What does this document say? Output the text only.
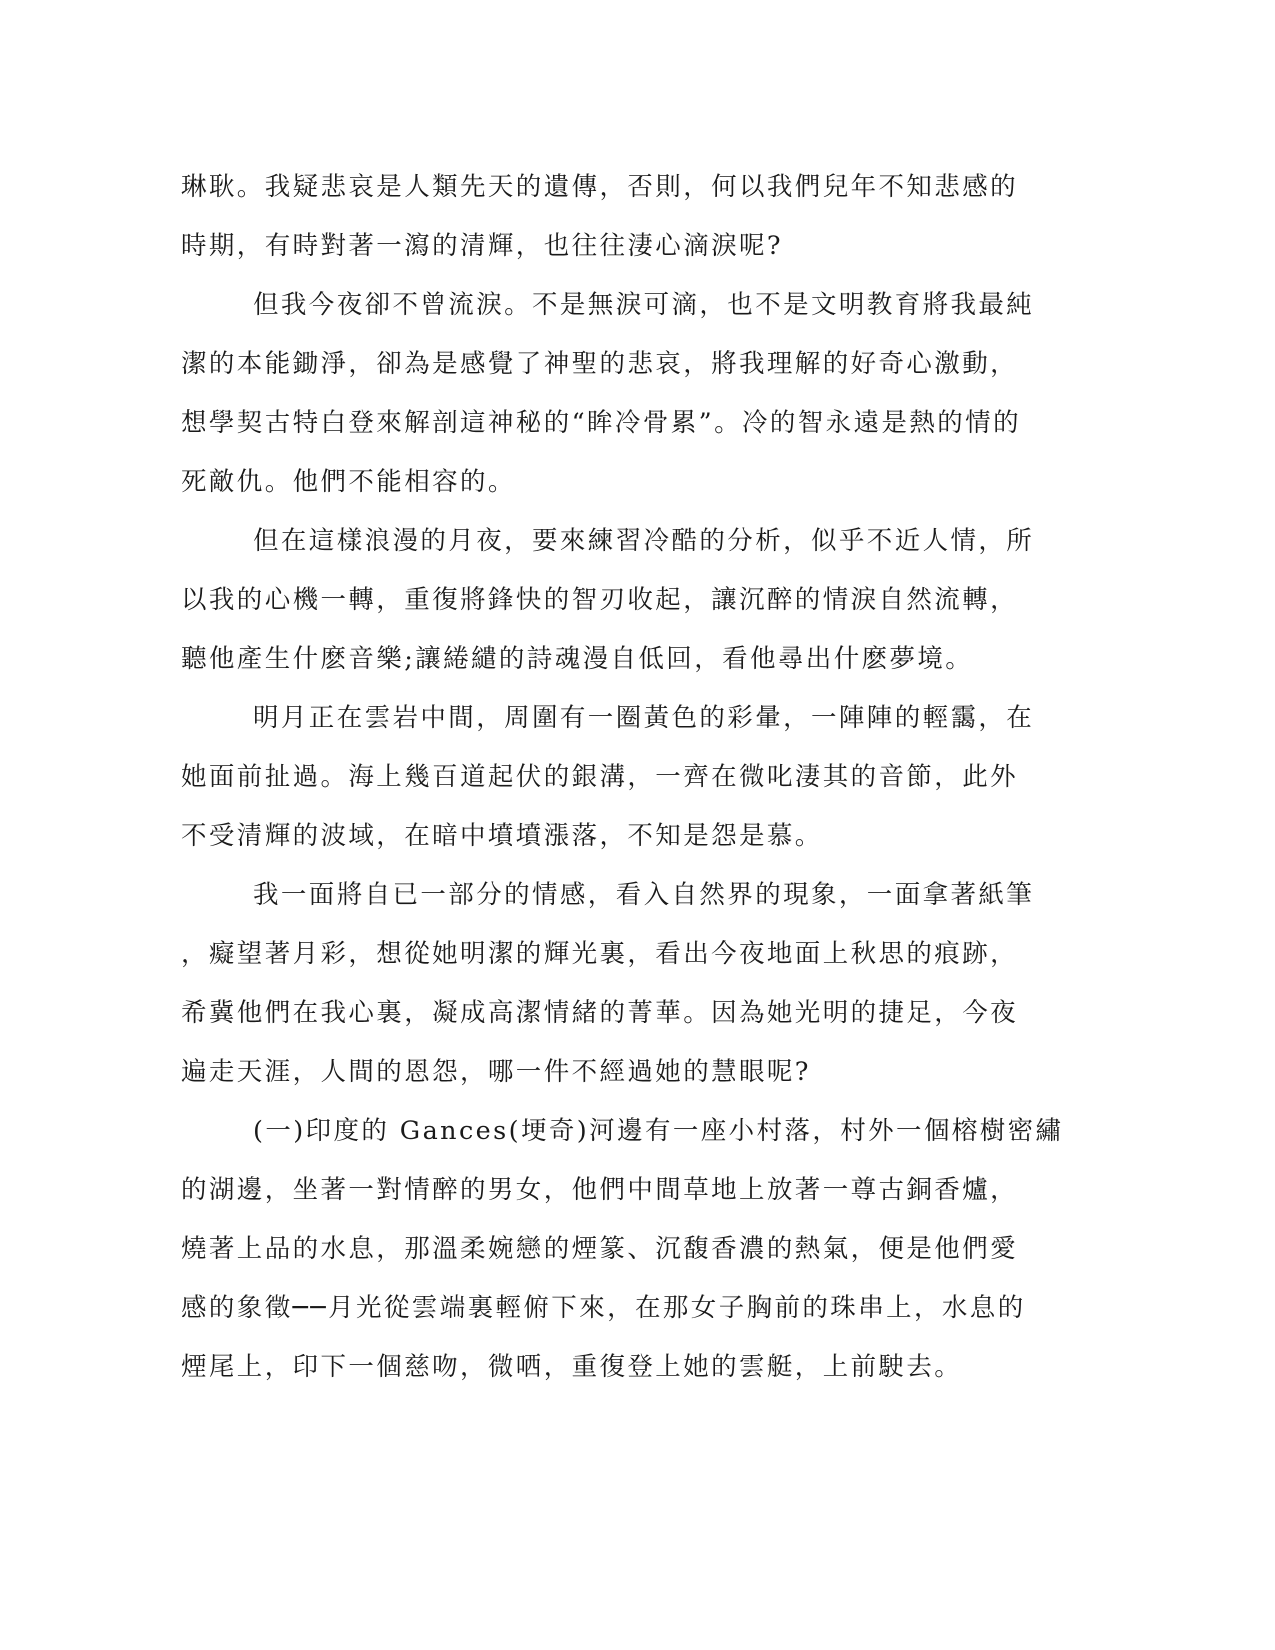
琳耿。我疑悲哀是人類先天的遺傳，否則，何以我們兒年不知悲感的
時期，有時對著一瀉的清輝，也往往淒心滴淚呢?
但我今夜卻不曾流淚。不是無淚可滴，也不是文明教育將我最純
潔的本能鋤淨，卻為是感覺了神聖的悲哀，將我理解的好奇心激動，
想學契古特白登來解剖這神秘的“眸冷骨累”。冷的智永遠是熱的情的
死敵仇。他們不能相容的。
但在這樣浪漫的月夜，要來練習冷酷的分析，似乎不近人情，所
以我的心機一轉，重復將鋒快的智刃收起，讓沉醉的情淚自然流轉，
聽他產生什麽音樂;讓綣繾的詩魂漫自低回，看他尋出什麽夢境。
明月正在雲岩中間，周圍有一圈黃色的彩暈，一陣陣的輕靄，在
她面前扯過。海上幾百道起伏的銀溝，一齊在微叱淒其的音節，此外
不受清輝的波域，在暗中墳墳漲落，不知是怨是慕。
我一面將自已一部分的情感，看入自然界的現象，一面拿著紙筆
，癡望著月彩，想從她明潔的輝光裏，看出今夜地面上秋思的痕跡，
希冀他們在我心裏，凝成高潔情緒的菁華。因為她光明的捷足，今夜
遍走天涯，人間的恩怨，哪一件不經過她的慧眼呢?
(一)印度的 Gances(埂奇)河邊有一座小村落，村外一個榕樹密繡
的湖邊，坐著一對情醉的男女，他們中間草地上放著一尊古銅香爐，
燒著上品的水息，那溫柔婉戀的煙篆、沉馥香濃的熱氣，便是他們愛
感的象徵──月光從雲端裏輕俯下來，在那女子胸前的珠串上，水息的
煙尾上，印下一個慈吻，微哂，重復登上她的雲艇，上前駛去。
